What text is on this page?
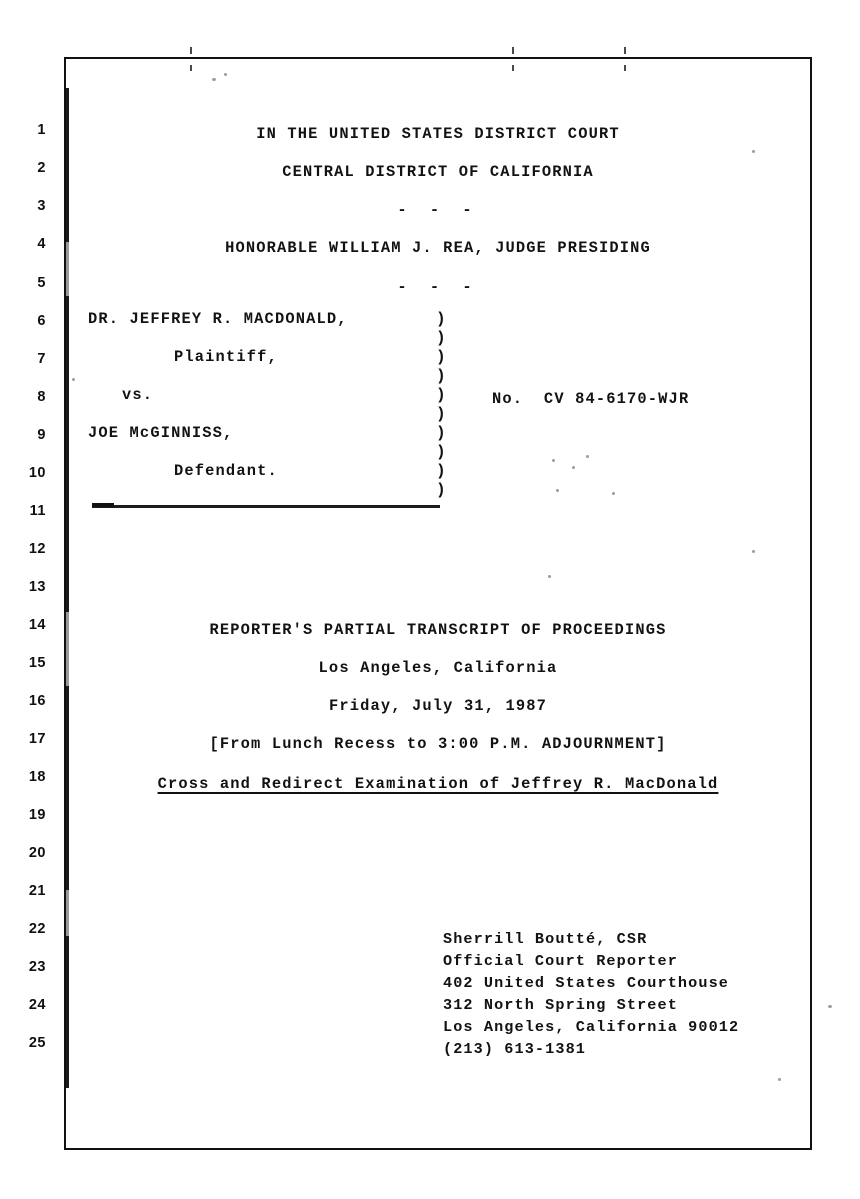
1
2
3
4
5
6
7
8
9
10
11
12
13
14
15
16
17
18
19
20
21
22
23
24
25
IN THE UNITED STATES DISTRICT COURT
CENTRAL DISTRICT OF CALIFORNIA
- - -
HONORABLE WILLIAM J. REA, JUDGE PRESIDING
- - -
DR. JEFFREY R. MACDONALD,	)
)
Plaintiff,	)
)
vs.	)
)
JOE McGINNISS,	)
)
Defendant.	)
)
No.  CV 84-6170-WJR
REPORTER'S PARTIAL TRANSCRIPT OF PROCEEDINGS
Los Angeles, California
Friday, July 31, 1987
[From Lunch Recess to 3:00 P.M. ADJOURNMENT]
Cross and Redirect Examination of Jeffrey R. MacDonald
Sherrill Boutté, CSR
Official Court Reporter
402 United States Courthouse
312 North Spring Street
Los Angeles, California 90012
(213) 613-1381
